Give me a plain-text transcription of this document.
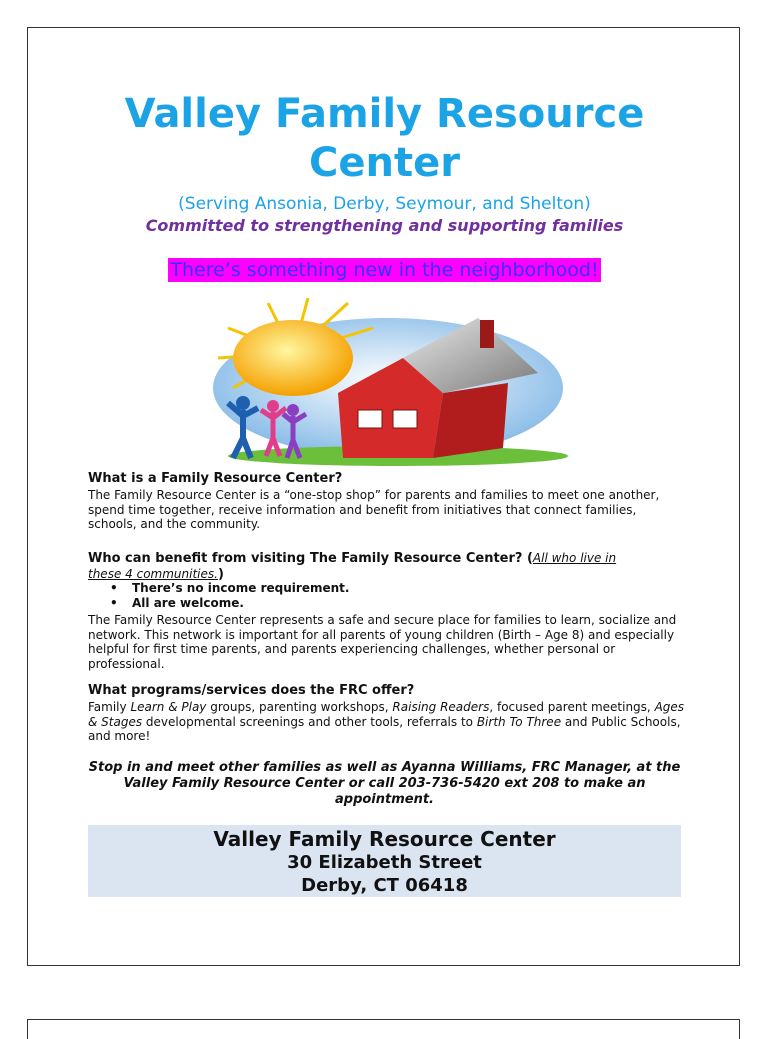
Valley Family Resource
Center
(Serving Ansonia, Derby, Seymour, and Shelton)
Committed to strengthening and supporting families
There’s something new in the neighborhood!
What is a Family Resource Center?

The Family Resource Center is a “one-stop shop” for parents and families to meet one another, spend time together, receive information and benefit from initiatives that connect families, schools, and the community.

Who can benefit from visiting The Family Resource Center? (All who live in
these 4 communities.)
• There’s no income requirement.
• All are welcome.

The Family Resource Center represents a safe and secure place for families to learn, socialize and network. This network is important for all parents of young children (Birth – Age 8) and especially helpful for first time parents, and parents experiencing challenges, whether personal or professional.

What programs/services does the FRC offer?

Family Learn & Play groups, parenting workshops, Raising Readers, focused parent meetings, Ages & Stages developmental screenings and other tools, referrals to Birth To Three and Public Schools, and more!

Stop in and meet other families as well as Ayanna Williams, FRC Manager, at the Valley Family Resource Center or call 203-736-5420 ext 208 to make an appointment.

Valley Family Resource Center
30 Elizabeth Street
Derby, CT 06418
